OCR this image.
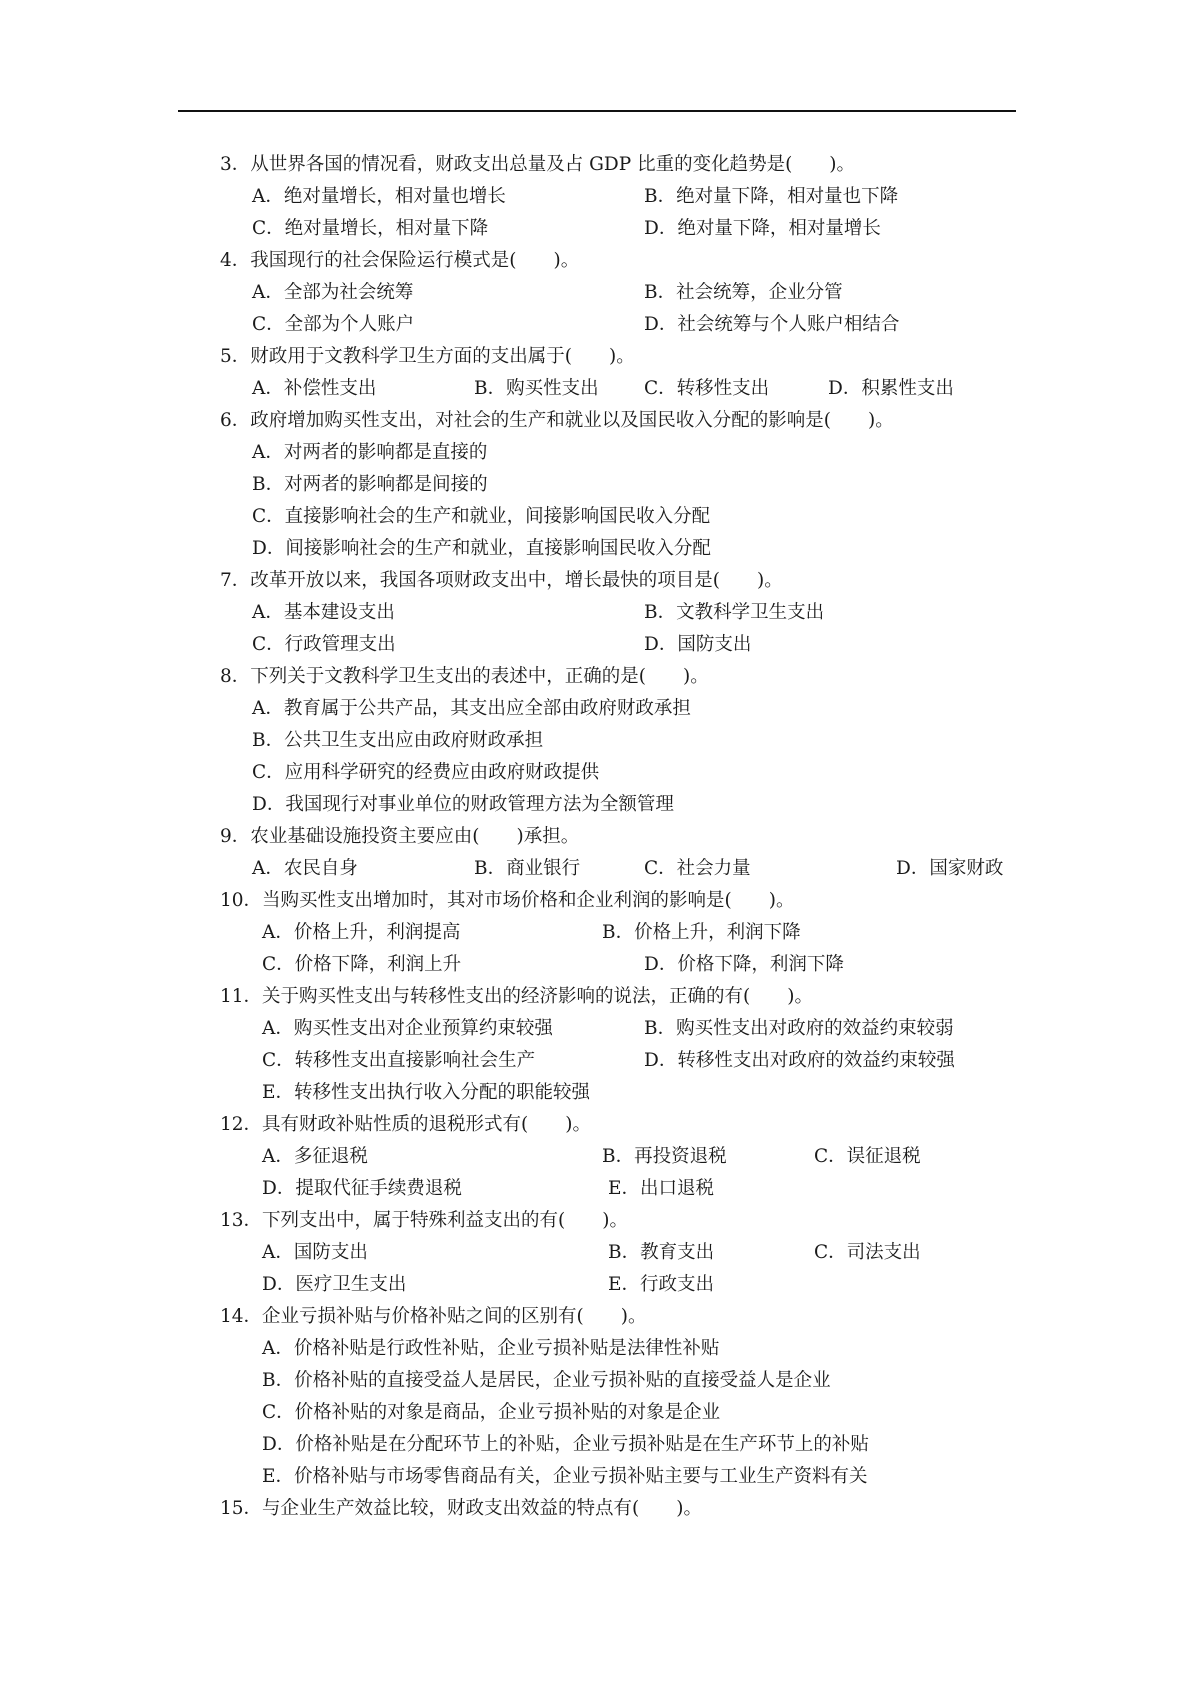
3．从世界各国的情况看，财政支出总量及占 GDP 比重的变化趋势是(　　)。
A．绝对量增长，相对量也增长	B．绝对量下降，相对量也下降
C．绝对量增长，相对量下降	D．绝对量下降，相对量增长
4．我国现行的社会保险运行模式是(　　)。
A．全部为社会统筹	B．社会统筹，企业分管
C．全部为个人账户	D．社会统筹与个人账户相结合
5．财政用于文教科学卫生方面的支出属于(　　)。
A．补偿性支出	B．购买性支出 C．转移性支出	D．积累性支出
6．政府增加购买性支出，对社会的生产和就业以及国民收入分配的影响是(　　)。
A．对两者的影响都是直接的
B．对两者的影响都是间接的
C．直接影响社会的生产和就业，间接影响国民收入分配
D．间接影响社会的生产和就业，直接影响国民收入分配
7．改革开放以来，我国各项财政支出中，增长最快的项目是(　　)。
A．基本建设支出	B．文教科学卫生支出
C．行政管理支出	D．国防支出
8．下列关于文教科学卫生支出的表述中，正确的是(　　)。
A．教育属于公共产品，其支出应全部由政府财政承担
B．公共卫生支出应由政府财政承担
C．应用科学研究的经费应由政府财政提供
D．我国现行对事业单位的财政管理方法为全额管理
9．农业基础设施投资主要应由(　　)承担。
A．农民自身	B．商业银行	C．社会力量	D．国家财政
10．当购买性支出增加时，其对市场价格和企业利润的影响是(　　)。
A．价格上升，利润提高	B．价格上升，利润下降
C．价格下降，利润上升	D．价格下降，利润下降
11．关于购买性支出与转移性支出的经济影响的说法，正确的有(　　)。
A．购买性支出对企业预算约束较强	B．购买性支出对政府的效益约束较弱
C．转移性支出直接影响社会生产	D．转移性支出对政府的效益约束较强
E．转移性支出执行收入分配的职能较强
12．具有财政补贴性质的退税形式有(　　)。
A．多征退税	B．再投资退税	C．误征退税
D．提取代征手续费退税	E．出口退税
13．下列支出中，属于特殊利益支出的有(　　)。
A．国防支出	B．教育支出	C．司法支出
D．医疗卫生支出	E．行政支出
14．企业亏损补贴与价格补贴之间的区别有(　　)。
A．价格补贴是行政性补贴，企业亏损补贴是法律性补贴
B．价格补贴的直接受益人是居民，企业亏损补贴的直接受益人是企业
C．价格补贴的对象是商品，企业亏损补贴的对象是企业
D．价格补贴是在分配环节上的补贴，企业亏损补贴是在生产环节上的补贴
E．价格补贴与市场零售商品有关，企业亏损补贴主要与工业生产资料有关
15．与企业生产效益比较，财政支出效益的特点有(　　)。
